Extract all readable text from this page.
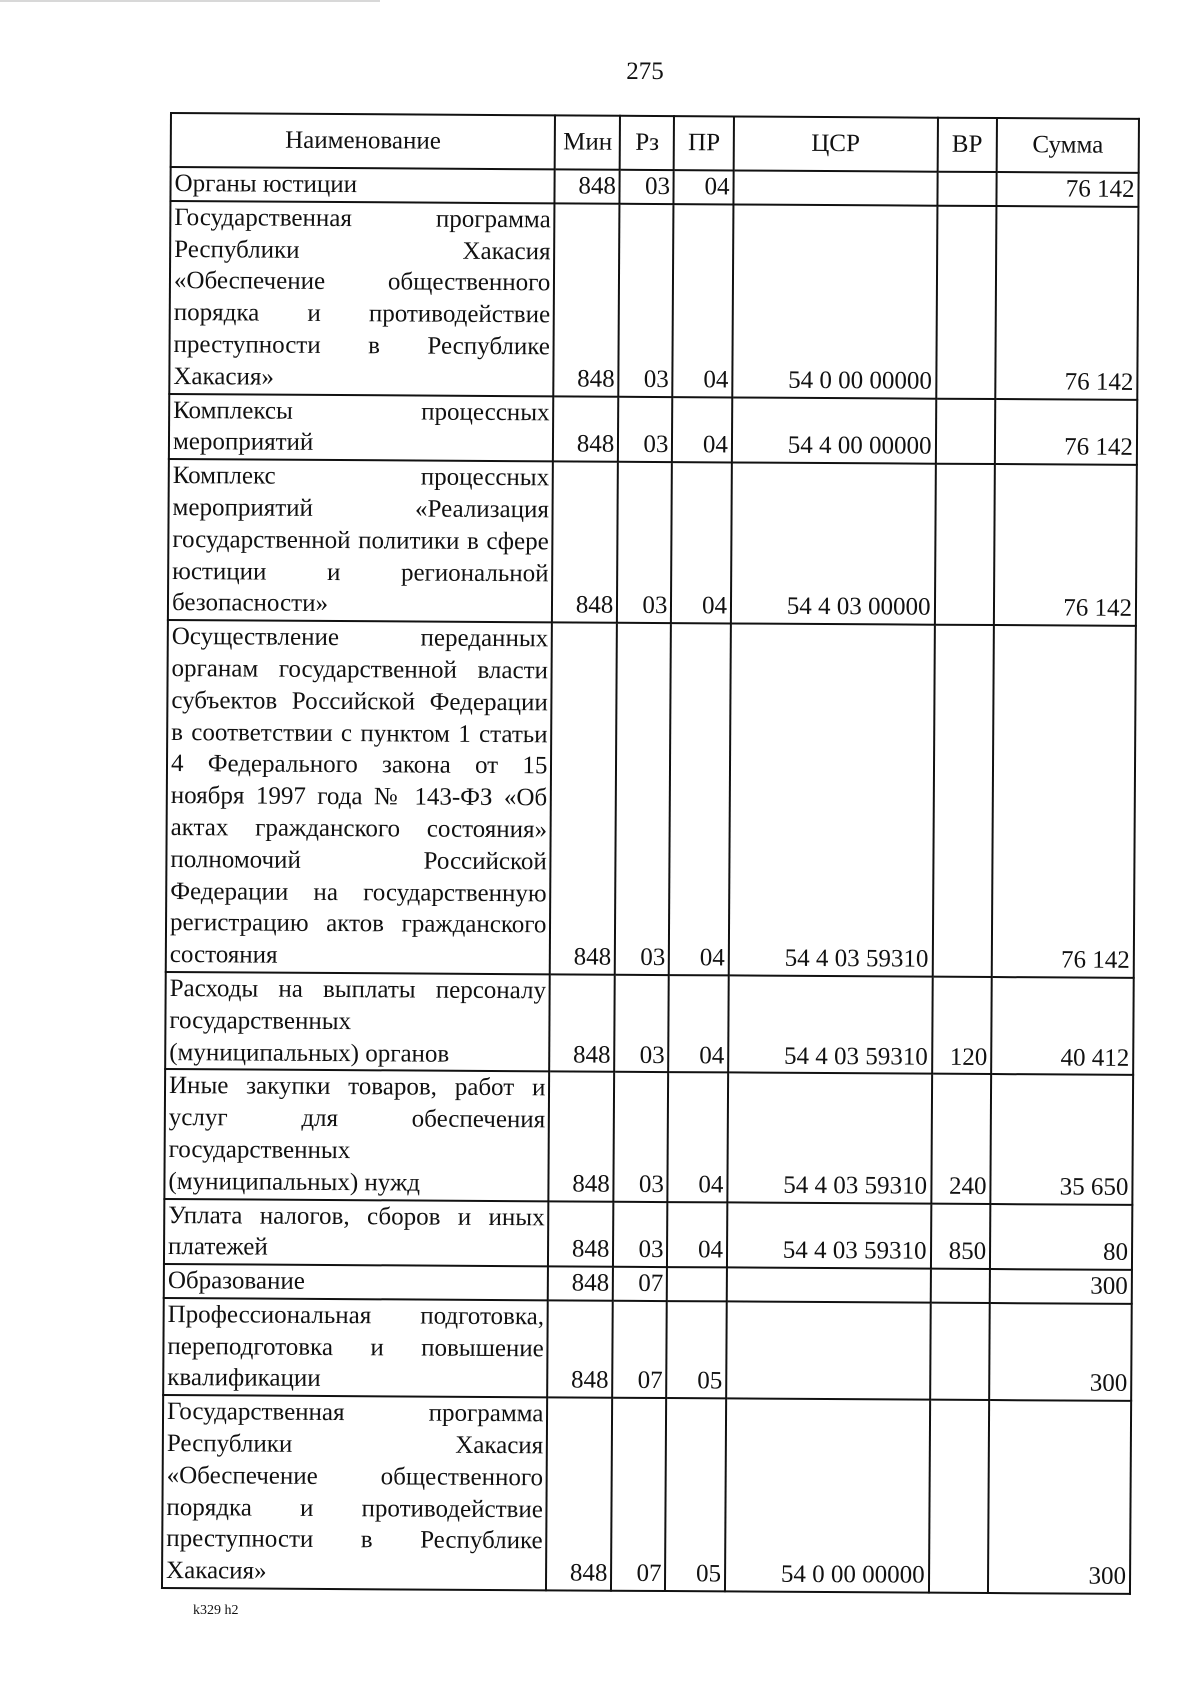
275
Наименование	Мин	Рз	ПР	ЦСР	ВР	Сумма
Органы юстиции	848	03	04			76 142
Государственная программа Республики Хакасия «Обеспечение общественного порядка и противодействие преступности в Республике Хакасия»	848	03	04	54 0 00 00000		76 142
Комплексы процессных мероприятий	848	03	04	54 4 00 00000		76 142
Комплекс процессных мероприятий «Реализация государственной политики в сфере юстиции и региональной безопасности»	848	03	04	54 4 03 00000		76 142
Осуществление переданных органам государственной власти субъектов Российской Федерации в соответствии с пунктом 1 статьи 4 Федерального закона от 15 ноября 1997 года № 143-ФЗ «Об актах гражданского состояния» полномочий Российской Федерации на государственную регистрацию актов гражданского состояния	848	03	04	54 4 03 59310		76 142
Расходы на выплаты персоналу государственных (муниципальных) органов	848	03	04	54 4 03 59310	120	40 412
Иные закупки товаров, работ и услуг для обеспечения государственных (муниципальных) нужд	848	03	04	54 4 03 59310	240	35 650
Уплата налогов, сборов и иных платежей	848	03	04	54 4 03 59310	850	80
Образование	848	07				300
Профессиональная подготовка, переподготовка и повышение квалификации	848	07	05			300
Государственная программа Республики Хакасия «Обеспечение общественного порядка и противодействие преступности в Республике Хакасия»	848	07	05	54 0 00 00000		300
k329 h2
